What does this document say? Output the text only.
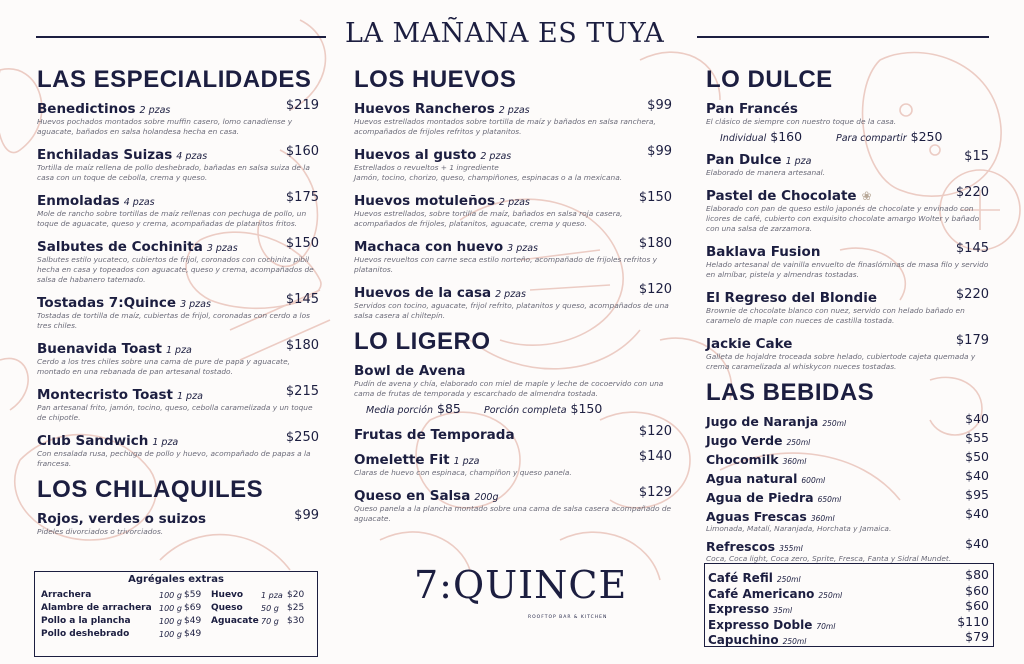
LA MAÑANA ES TUYA
LAS ESPECIALIDADES
Benedictinos 2 pzas	$219
Huevos pochados montados sobre muffin casero, lomo canadiense y aguacate, bañados en salsa holandesa hecha en casa.
Enchiladas Suizas 4 pzas	$160
Tortilla de maíz rellena de pollo deshebrado, bañadas en salsa suiza de la casa con un toque de cebolla, crema y queso.
Enmoladas 4 pzas	$175
Mole de rancho sobre tortillas de maíz rellenas con pechuga de pollo, un toque de aguacate, queso y crema, acompañadas de platanitos fritos.
Salbutes de Cochinita 3 pzas	$150
Salbutes estilo yucateco, cubiertos de frijol, coronados con cochinita pibil hecha en casa y topeados con aguacate, queso y crema, acompañados de salsa de habanero tatemado.
Tostadas 7:Quince 3 pzas	$145
Tostadas de tortilla de maíz, cubiertas de frijol, coronadas con cerdo a los tres chiles.
Buenavida Toast 1 pza	$180
Cerdo a los tres chiles sobre una cama de pure de papa y aguacate, montado en una rebanada de pan artesanal tostado.
Montecristo Toast 1 pza	$215
Pan artesanal frito, jamón, tocino, queso, cebolla caramelizada y un toque de chipotle.
Club Sandwich 1 pza	$250
Con ensalada rusa, pechuga de pollo y huevo, acompañado de papas a la francesa.
LOS CHILAQUILES
Rojos, verdes o suizos	$99
Pideles divorciados o trivorciados.
Agrégales extras
Arrachera	100 g $59
Alambre de arrachera 100 g $69
Pollo a la plancha	100 g $49
Pollo deshebrado	100 g $49
Huevo 1 pza $20
Queso 50 g $25
Aguacate 70 g $30
LOS HUEVOS
Huevos Rancheros 2 pzas	$99
Huevos estrellados montados sobre tortilla de maíz y bañados en salsa ranchera, acompañados de frijoles refritos y platanitos.
Huevos al gusto 2 pzas	$99
Estrellados o revueltos + 1 ingrediente
Jamón, tocino, chorizo, queso, champiñones, espinacas o a la mexicana.
Huevos motuleños 2 pzas	$150
Huevos estrellados, sobre tortilla de maíz, bañados en salsa roja casera, acompañados de frijoles, platanitos, aguacate, crema y queso.
Machaca con huevo 3 pzas	$180
Huevos revueltos con carne seca estilo norteño, acompañado de frijoles refritos y platanitos.
Huevos de la casa 2 pzas	$120
Servidos con tocino, aguacate, frijol refrito, platanitos y queso, acompañados de una salsa casera al chiltepín.
LO LIGERO
Bowl de Avena
Pudín de avena y chía, elaborado con miel de maple y leche de cocoervido con una cama de frutas de temporada y escarchado de almendra tostada.
Media porción $85 Porción completa $150
Frutas de Temporada	$120
Omelette Fit 1 pza	$140
Claras de huevo con espinaca, champiñon y queso panela.
Queso en Salsa 200g	$129
Queso panela a la plancha montado sobre una cama de salsa casera acompañado de aguacate.
7:QUINCE
ROOFTOP BAR & KITCHEN
LO DULCE
Pan Francés
El clásico de siempre con nuestro toque de la casa.
Individual $160	Para compartir $250
Pan Dulce 1 pza	$15
Elaborado de manera artesanal.
Pastel de Chocolate ❀	$220
Elaborado con pan de queso estilo japonés de chocolate y envinado con licores de café, cubierto con exquisito chocolate amargo Wolter y bañado con una salsa de zarzamora.
Baklava Fusion	$145
Helado artesanal de vainilla envuelto de finaslóminas de masa filo y servido en almíbar, pistela y almendras tostadas.
El Regreso del Blondie	$220
Brownie de chocolate blanco con nuez, servido con helado bañado en caramelo de maple con nueces de castilla tostada.
Jackie Cake	$179
Galleta de hojaldre troceada sobre helado, cubiertode cajeta quemada y crema caramelizada al whiskycon nueces tostadas.
LAS BEBIDAS
Jugo de Naranja 250ml	$40
Jugo Verde 250ml	$55
Chocomilk 360ml	$50
Agua natural 600ml	$40
Agua de Piedra 650ml	$95
Aguas Frescas 360ml	$40
Limonada, Matalí, Naranjada, Horchata y Jamaica.
Refrescos 355ml	$40
Coca, Coca light, Coca zero, Sprite, Fresca, Fanta y Sidral Mundet.
Café Refil 250ml	$80
Café Americano 250ml	$60
Expresso 35ml	$60
Expresso Doble 70ml	$110
Capuchino 250ml	$79
